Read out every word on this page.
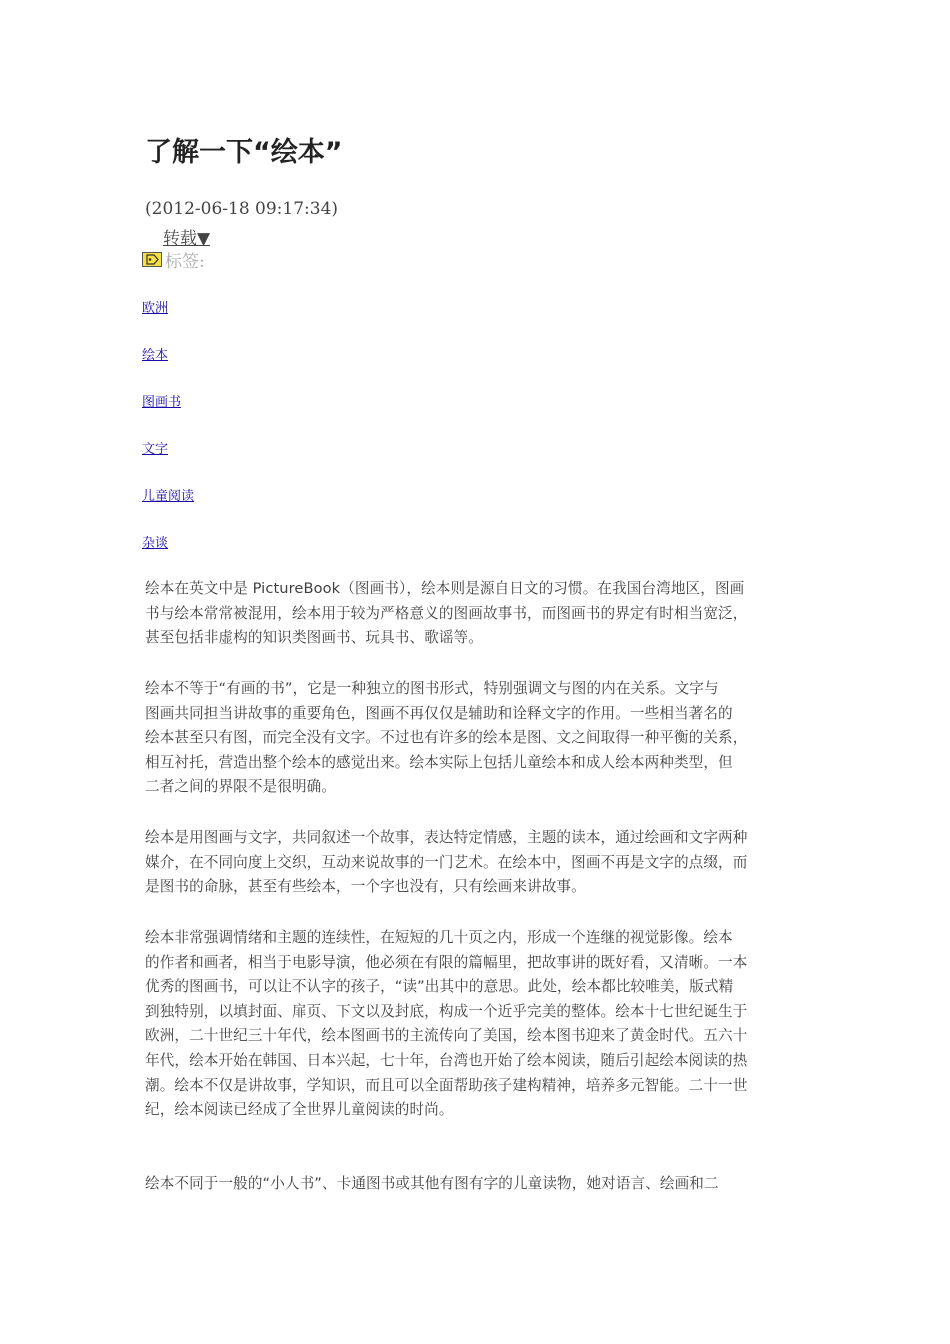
了解一下“绘本”
(2012-06-18 09:17:34)
转载▼
标签:
欧洲
绘本
图画书
文字
儿童阅读
杂谈
绘本在英文中是 PictureBook（图画书），绘本则是源自日文的习惯。在我国台湾地区，图画
书与绘本常常被混用，绘本用于较为严格意义的图画故事书，而图画书的界定有时相当宽泛，
甚至包括非虚构的知识类图画书、玩具书、歌谣等。
绘本不等于“有画的书”，它是一种独立的图书形式，特别强调文与图的内在关系。文字与
图画共同担当讲故事的重要角色，图画不再仅仅是辅助和诠释文字的作用。一些相当著名的
绘本甚至只有图，而完全没有文字。不过也有许多的绘本是图、文之间取得一种平衡的关系，
相互衬托，营造出整个绘本的感觉出来。绘本实际上包括儿童绘本和成人绘本两种类型，但
二者之间的界限不是很明确。
绘本是用图画与文字，共同叙述一个故事，表达特定情感，主题的读本，通过绘画和文字两种
媒介，在不同向度上交织，互动来说故事的一门艺术。在绘本中，图画不再是文字的点缀，而
是图书的命脉，甚至有些绘本，一个字也没有，只有绘画来讲故事。
绘本非常强调情绪和主题的连续性，在短短的几十页之内，形成一个连继的视觉影像。绘本
的作者和画者，相当于电影导演，他必须在有限的篇幅里，把故事讲的既好看，又清晰。一本
优秀的图画书，可以让不认字的孩子，“读”出其中的意思。此处，绘本都比较唯美，版式精
到独特别，以填封面、扉页、下文以及封底，构成一个近乎完美的整体。绘本十七世纪诞生于
欧洲，二十世纪三十年代，绘本图画书的主流传向了美国，绘本图书迎来了黄金时代。五六十
年代，绘本开始在韩国、日本兴起，七十年，台湾也开始了绘本阅读，随后引起绘本阅读的热
潮。绘本不仅是讲故事，学知识，而且可以全面帮助孩子建构精神，培养多元智能。二十一世
纪，绘本阅读已经成了全世界儿童阅读的时尚。
绘本不同于一般的“小人书”、卡通图书或其他有图有字的儿童读物，她对语言、绘画和二
